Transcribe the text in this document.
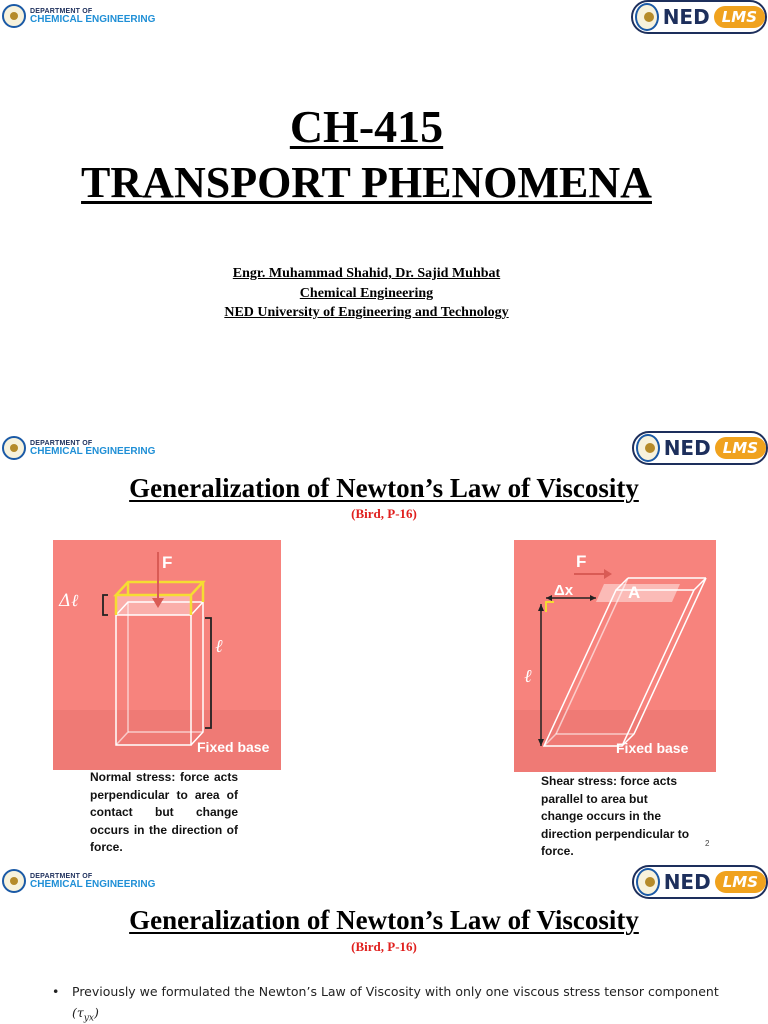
DEPARTMENT OF
CHEMICAL ENGINEERING	NED LMS
CH-415
TRANSPORT PHENOMENA
Engr. Muhammad Shahid, Dr. Sajid Muhbat
Chemical Engineering
NED University of Engineering and Technology
DEPARTMENT OF
CHEMICAL ENGINEERING	NED LMS
Generalization of Newton’s Law of Viscosity
(Bird, P-16)
F
Δℓ
ℓ
Fixed base
Normal stress: force acts perpendicular to area of contact but change occurs in the direction of force.
A
F
Δx
ℓ
Fixed base
Shear stress: force acts parallel to area but change occurs in the direction perpendicular to force.
2
DEPARTMENT OF
CHEMICAL ENGINEERING	NED LMS
Generalization of Newton’s Law of Viscosity
(Bird, P-16)
•	Previously we formulated the Newton’s Law of Viscosity with only one viscous stress tensor component $(\tau_{yx})$
